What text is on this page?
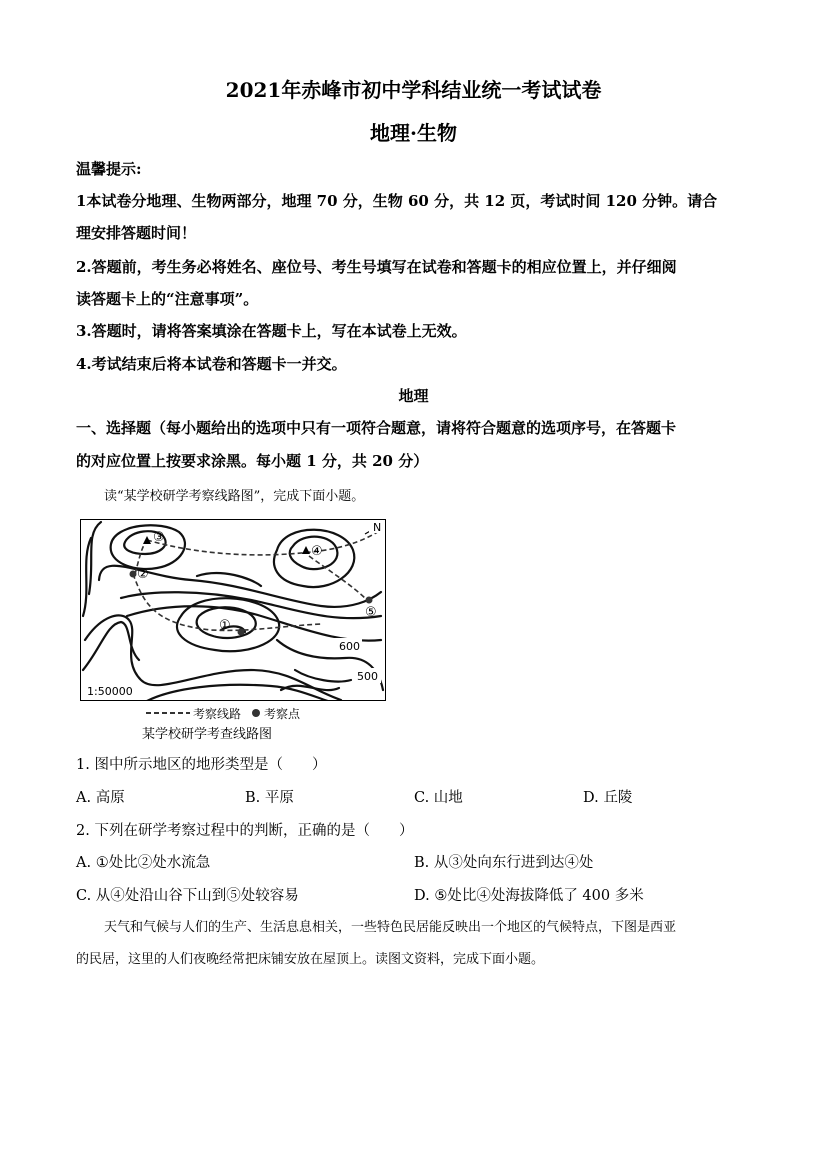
2021年赤峰市初中学科结业统一考试试卷
地理·生物
温馨提示:
1本试卷分地理、生物两部分，地理 70 分，生物 60 分，共 12 页，考试时间 120 分钟。请合
理安排答题时间！
2.答题前，考生务必将姓名、座位号、考生号填写在试卷和答题卡的相应位置上，并仔细阅
读答题卡上的“注意事项”。
3.答题时，请将答案填涂在答题卡上，写在本试卷上无效。
4.考试结束后将本试卷和答题卡一并交。
地理
一、选择题（每小题给出的选项中只有一项符合题意，请将符合题意的选项序号，在答题卡
的对应位置上按要求涂黑。每小题 1 分，共 20 分）
读“某学校研学考察线路图”，完成下面小题。
N
③
④
②
①
⑤
600
500
1:50000
考察线路 考察点
某学校研学考查线路图
1. 图中所示地区的地形类型是（　　）
A. 高原	B. 平原	C. 山地	D. 丘陵
2. 下列在研学考察过程中的判断，正确的是（　　）
A. ①处比②处水流急	B. 从③处向东行进到达④处
C. 从④处沿山谷下山到⑤处较容易	D. ⑤处比④处海拔降低了 400 多米
天气和气候与人们的生产、生活息息相关，一些特色民居能反映出一个地区的气候特点，下图是西亚
的民居，这里的人们夜晚经常把床铺安放在屋顶上。读图文资料，完成下面小题。
